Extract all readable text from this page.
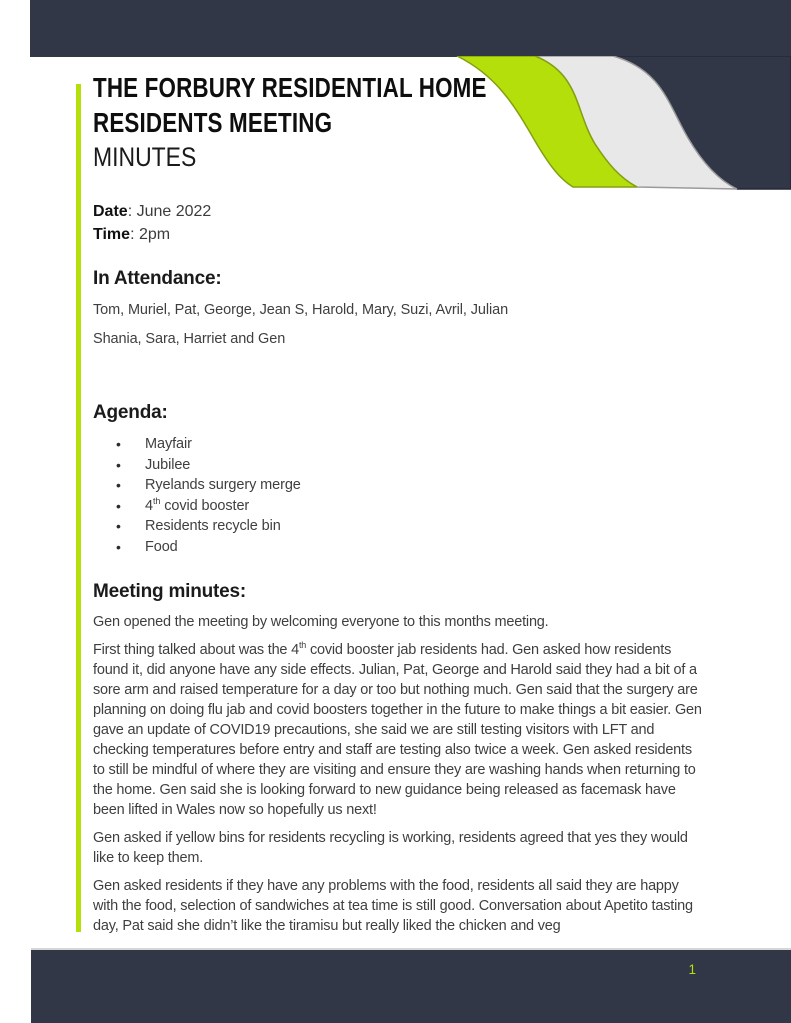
THE FORBURY RESIDENTIAL HOME
RESIDENTS MEETING
MINUTES
Date: June 2022
Time: 2pm
In Attendance:

Tom, Muriel, Pat, George, Jean S, Harold, Mary, Suzi, Avril, Julian

Shania, Sara, Harriet and Gen

Agenda:
• Mayfair
• Jubilee
• Ryelands surgery merge
• 4th covid booster
• Residents recycle bin
• Food
Meeting minutes:

Gen opened the meeting by welcoming everyone to this months meeting.

First thing talked about was the 4th covid booster jab residents had. Gen asked how residents found it, did anyone have any side effects. Julian, Pat, George and Harold said they had a bit of a sore arm and raised temperature for a day or too but nothing much. Gen said that the surgery are planning on doing flu jab and covid boosters together in the future to make things a bit easier. Gen gave an update of COVID19 precautions, she said we are still testing visitors with LFT and checking temperatures before entry and staff are testing also twice a week. Gen asked residents to still be mindful of where they are visiting and ensure they are washing hands when returning to the home. Gen said she is looking forward to new guidance being released as facemask have been lifted in Wales now so hopefully us next!

Gen asked if yellow bins for residents recycling is working, residents agreed that yes they would like to keep them.

Gen asked residents if they have any problems with the food, residents all said they are happy with the food, selection of sandwiches at tea time is still good. Conversation about Apetito tasting day, Pat said she didn’t like the tiramisu but really liked the chicken and veg

1
